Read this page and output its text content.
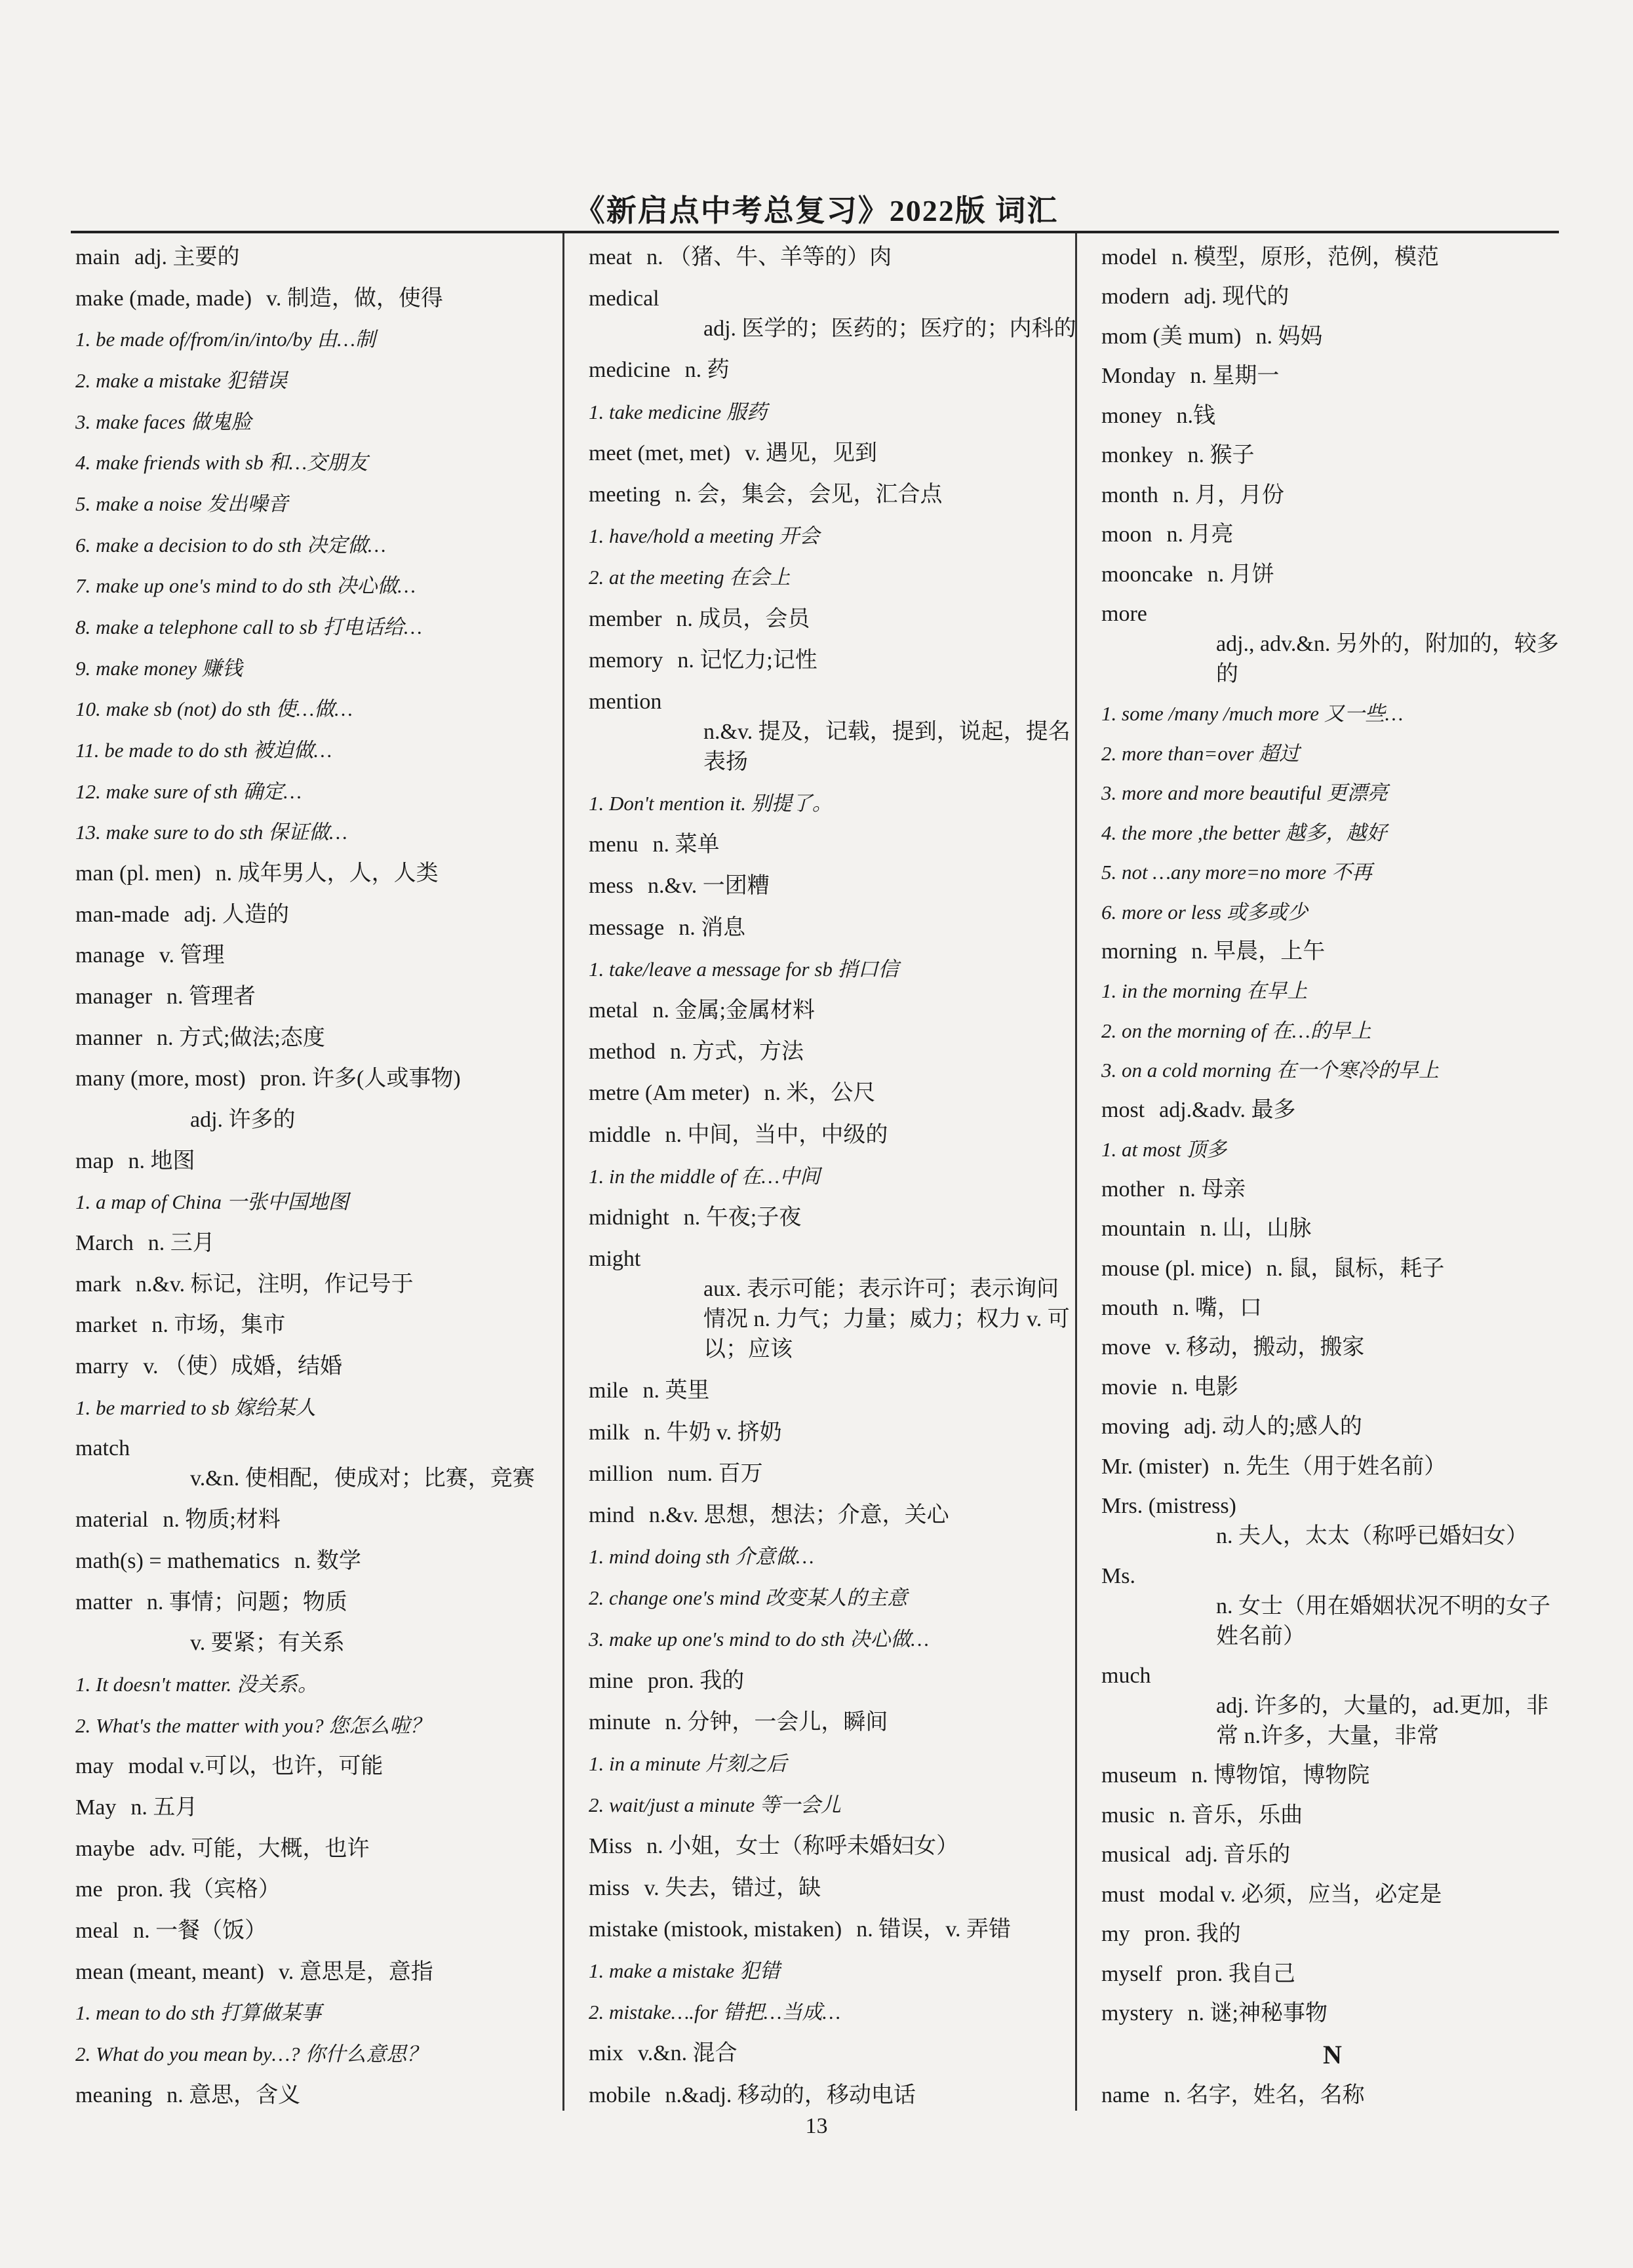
《新启点中考总复习》2022版 词汇
main adj. 主要的
make (made, made) v. 制造，做，使得
1. be made of/from/in/into/by 由…制
2. make a mistake 犯错误
3. make faces 做鬼脸
4. make friends with sb 和…交朋友
5. make a noise 发出噪音
6. make a decision to do sth 决定做…
7. make up one's mind to do sth 决心做…
8. make a telephone call to sb 打电话给…
9. make money 赚钱
10. make sb (not) do sth 使…做…
11. be made to do sth 被迫做…
12. make sure of sth 确定…
13. make sure to do sth 保证做…
man (pl. men) n. 成年男人，人，人类
man-made adj. 人造的
manage v. 管理
manager n. 管理者
manner n. 方式;做法;态度
many (more, most) pron. 许多(人或事物)
adj. 许多的
map n. 地图
1. a map of China 一张中国地图
March n. 三月
mark n.&v. 标记，注明，作记号于
market n. 市场，集市
marry v. （使）成婚，结婚
1. be married to sb 嫁给某人
match
v.&n. 使相配，使成对；比赛，竞赛
material n. 物质;材料
math(s) = mathematics n. 数学
matter n. 事情；问题；物质
v. 要紧；有关系
1. It doesn't matter. 没关系。
2. What's the matter with you? 您怎么啦？
may modal v.可以，也许，可能
May n. 五月
maybe adv. 可能，大概，也许
me pron. 我（宾格）
meal n. 一餐（饭）
mean (meant, meant) v. 意思是，意指
1. mean to do sth 打算做某事
2. What do you mean by…? 你什么意思？
meaning n. 意思，含义
meat n. （猪、牛、羊等的）肉
medical
adj. 医学的；医药的；医疗的；内科的
medicine n. 药
1. take medicine 服药
meet (met, met) v. 遇见，见到
meeting n. 会，集会，会见，汇合点
1. have/hold a meeting 开会
2. at the meeting 在会上
member n. 成员，会员
memory n. 记忆力;记性
mention
n.&v. 提及，记载，提到，说起，提名表扬
1. Don't mention it. 别提了。
menu n. 菜单
mess n.&v. 一团糟
message n. 消息
1. take/leave a message for sb 捎口信
metal n. 金属;金属材料
method n. 方式，方法
metre (Am meter) n. 米，公尺
middle n. 中间，当中，中级的
1. in the middle of 在…中间
midnight n. 午夜;子夜
might
aux. 表示可能；表示许可；表示询问情况 n. 力气；力量；威力；权力 v. 可以；应该
mile n. 英里
milk n. 牛奶 v. 挤奶
million num. 百万
mind n.&v. 思想，想法；介意，关心
1. mind doing sth 介意做…
2. change one's mind 改变某人的主意
3. make up one's mind to do sth 决心做…
mine pron. 我的
minute n. 分钟，一会儿，瞬间
1. in a minute 片刻之后
2. wait/just a minute 等一会儿
Miss n. 小姐，女士（称呼未婚妇女）
miss v. 失去，错过，缺
mistake (mistook, mistaken) n. 错误，v. 弄错
1. make a mistake 犯错
2. mistake….for 错把…当成…
mix v.&n. 混合
mobile n.&adj. 移动的，移动电话
model n. 模型，原形，范例，模范
modern adj. 现代的
mom (美 mum) n. 妈妈
Monday n. 星期一
money n.钱
monkey n. 猴子
month n. 月，月份
moon n. 月亮
mooncake n. 月饼
more
adj., adv.&n. 另外的，附加的，较多的
1. some /many /much more 又一些…
2. more than=over 超过
3. more and more beautiful 更漂亮
4. the more ,the better 越多，越好
5. not …any more=no more 不再
6. more or less 或多或少
morning n. 早晨，上午
1. in the morning 在早上
2. on the morning of 在…的早上
3. on a cold morning 在一个寒冷的早上
most adj.&adv. 最多
1. at most 顶多
mother n. 母亲
mountain n. 山，山脉
mouse (pl. mice) n. 鼠，鼠标，耗子
mouth n. 嘴，口
move v. 移动，搬动，搬家
movie n. 电影
moving adj. 动人的;感人的
Mr. (mister) n. 先生（用于姓名前）
Mrs. (mistress)
n. 夫人，太太（称呼已婚妇女）
Ms.
n. 女士（用在婚姻状况不明的女子姓名前）
much
adj. 许多的，大量的，ad.更加，非常 n.许多，大量，非常
museum n. 博物馆，博物院
music n. 音乐，乐曲
musical adj. 音乐的
must modal v. 必须，应当，必定是
my pron. 我的
myself pron. 我自己
mystery n. 谜;神秘事物
N
name n. 名字，姓名，名称
13
